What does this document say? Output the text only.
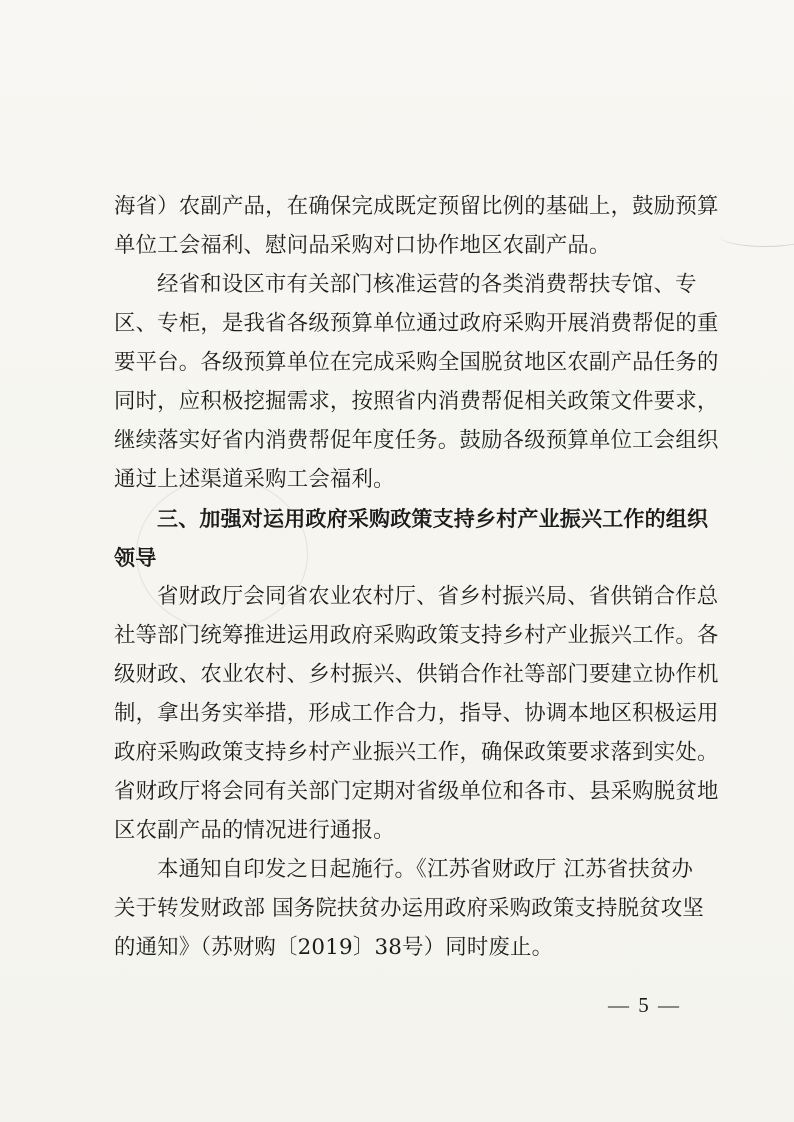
海省）农副产品，在确保完成既定预留比例的基础上，鼓励预算
单位工会福利、慰问品采购对口协作地区农副产品。
经省和设区市有关部门核准运营的各类消费帮扶专馆、专
区、专柜，是我省各级预算单位通过政府采购开展消费帮促的重
要平台。各级预算单位在完成采购全国脱贫地区农副产品任务的
同时，应积极挖掘需求，按照省内消费帮促相关政策文件要求，
继续落实好省内消费帮促年度任务。鼓励各级预算单位工会组织
通过上述渠道采购工会福利。
三、加强对运用政府采购政策支持乡村产业振兴工作的组织
领导
省财政厅会同省农业农村厅、省乡村振兴局、省供销合作总
社等部门统筹推进运用政府采购政策支持乡村产业振兴工作。各
级财政、农业农村、乡村振兴、供销合作社等部门要建立协作机
制，拿出务实举措，形成工作合力，指导、协调本地区积极运用
政府采购政策支持乡村产业振兴工作，确保政策要求落到实处。
省财政厅将会同有关部门定期对省级单位和各市、县采购脱贫地
区农副产品的情况进行通报。
本通知自印发之日起施行。《江苏省财政厅 江苏省扶贫办
关于转发财政部 国务院扶贫办运用政府采购政策支持脱贫攻坚
的通知》（苏财购〔2019〕38号）同时废止。
— 5 —
